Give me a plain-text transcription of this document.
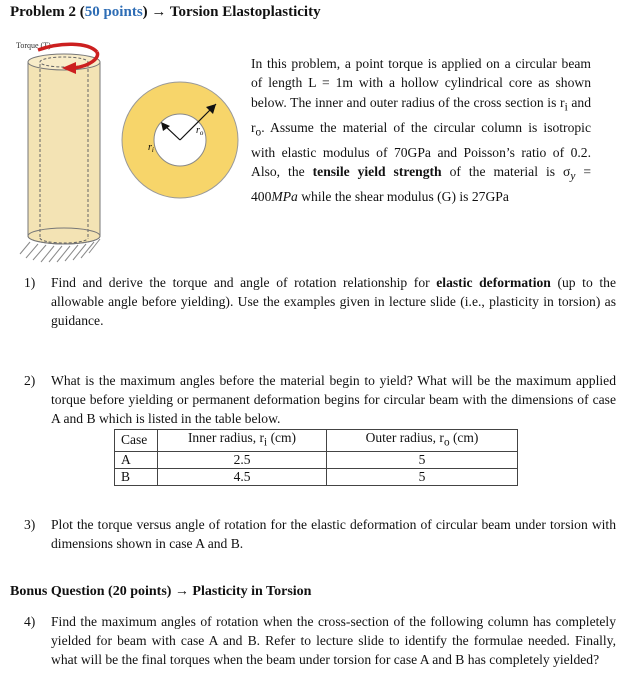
Problem 2 (50 points) → Torsion Elastoplasticity
Torque (T)
$r_i$
$r_o$
In this problem, a point torque is applied on a circular beam of length L = 1m with a hollow cylindrical core as shown below. The inner and outer radius of the cross section is $r_i$ and $r_o$. Assume the material of the circular column is isotropic with elastic modulus of 70GPa and Poisson’s ratio of 0.2. Also, the tensile yield strength of the material is $\sigma_y = 400MPa$ while the shear modulus (G) is 27GPa
1) Find and derive the torque and angle of rotation relationship for elastic deformation (up to the allowable angle before yielding). Use the examples given in lecture slide (i.e., plasticity in torsion) as guidance.
2) What is the maximum angles before the material begin to yield? What will be the maximum applied torque before yielding or permanent deformation begins for circular beam with the dimensions of case A and B which is listed in the table below.
Case	Inner radius, $r_i$ (cm)	Outer radius, $r_o$ (cm)
A	2.5	5
B	4.5	5
3) Plot the torque versus angle of rotation for the elastic deformation of circular beam under torsion with dimensions shown in case A and B.
Bonus Question (20 points) → Plasticity in Torsion
4) Find the maximum angles of rotation when the cross-section of the following column has completely yielded for beam with case A and B. Refer to lecture slide to identify the formulae needed. Finally, what will be the final torques when the beam under torsion for case A and B has completely yielded?
